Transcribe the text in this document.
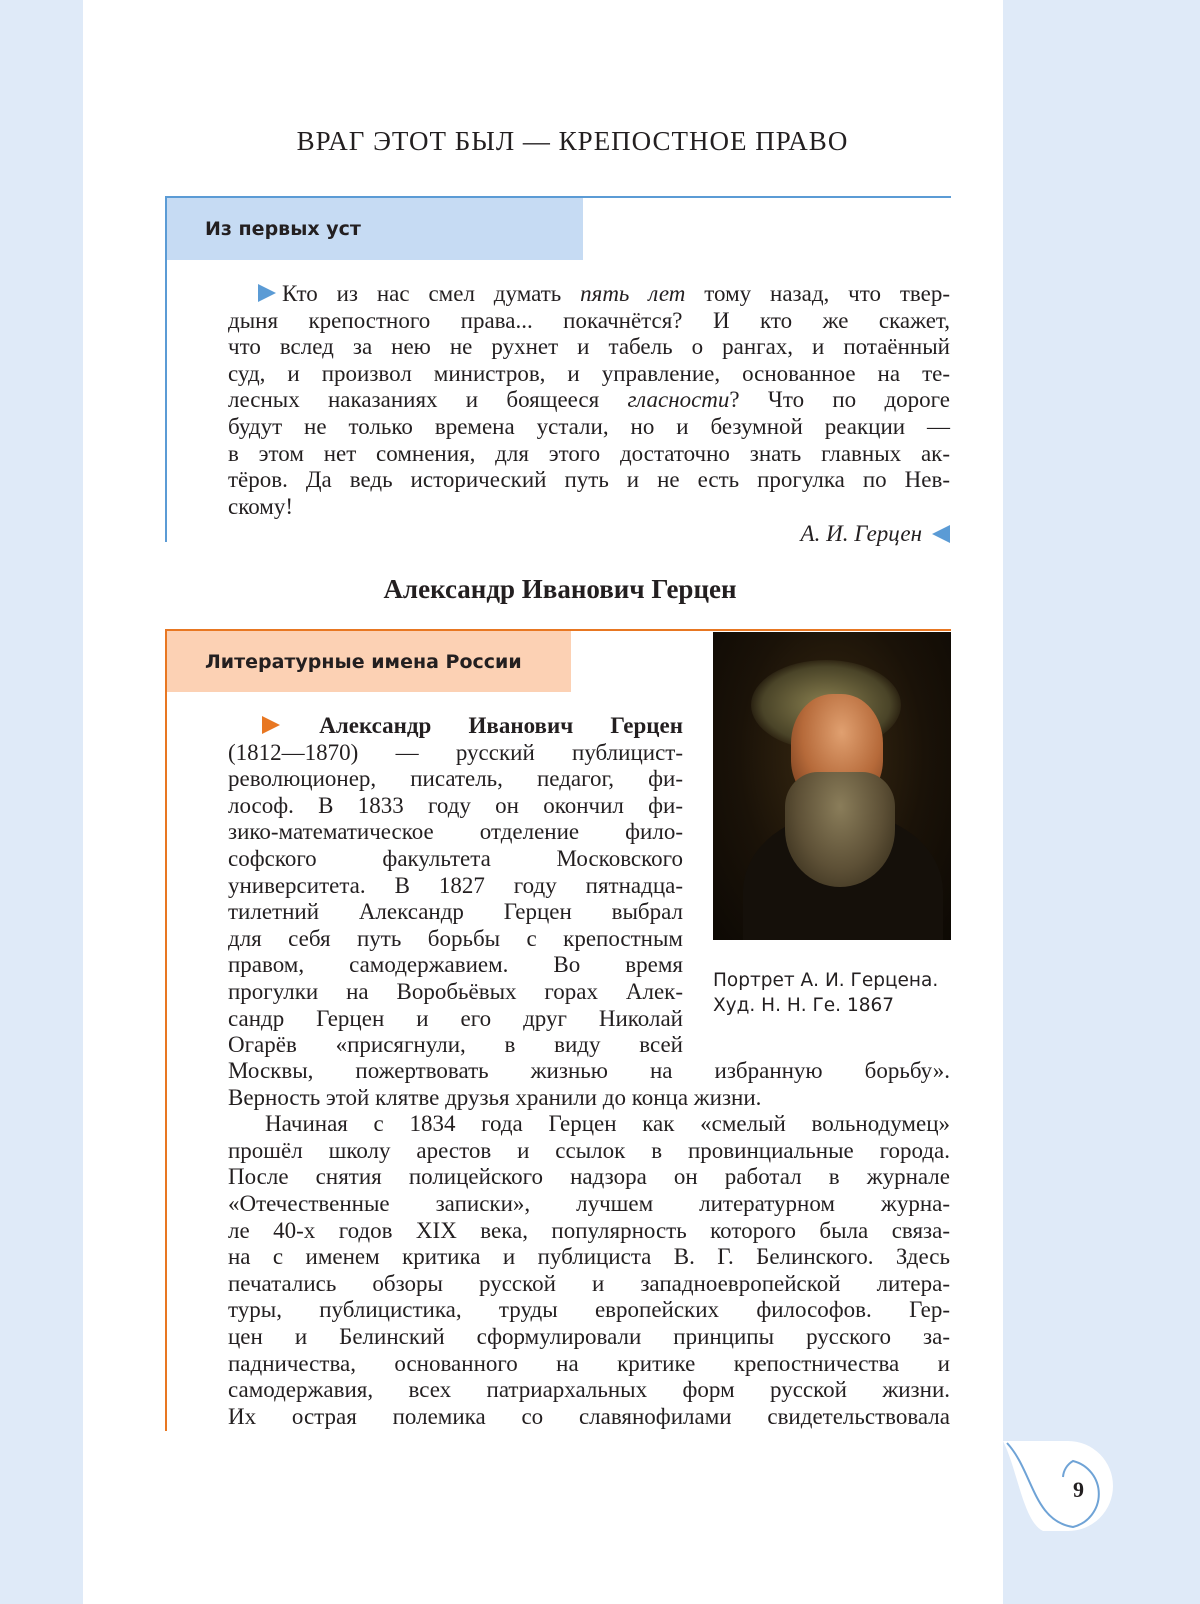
ВРАГ ЭТОТ БЫЛ — КРЕПОСТНОЕ ПРАВО
Из первых уст
Кто из нас смел думать пять лет тому назад, что твер-
дыня крепостного права... покачнётся? И кто же скажет,
что вслед за нею не рухнет и табель о рангах, и потаённый
суд, и произвол министров, и управление, основанное на те-
лесных наказаниях и боящееся гласности? Что по дороге
будут не только времена устали, но и безумной реакции —
в этом нет сомнения, для этого достаточно знать главных ак-
тёров. Да ведь исторический путь и не есть прогулка по Нев-
скому!
А. И. Герцен
Александр Иванович Герцен
Литературные имена России
Портрет А. И. Герцена.
Худ. Н. Н. Ге. 1867
Александр Иванович Герцен
(1812—1870) — русский публицист-
революционер, писатель, педагог, фи-
лософ. В 1833 году он окончил фи-
зико-математическое отделение фило-
софского факультета Московского
университета. В 1827 году пятнадца-
тилетний Александр Герцен выбрал
для себя путь борьбы с крепостным
правом, самодержавием. Во время
прогулки на Воробьёвых горах Алек-
сандр Герцен и его друг Николай
Огарёв «присягнули, в виду всей
Москвы, пожертвовать жизнью на избранную борьбу».
Верность этой клятве друзья хранили до конца жизни.
Начиная с 1834 года Герцен как «смелый вольнодумец»
прошёл школу арестов и ссылок в провинциальные города.
После снятия полицейского надзора он работал в журнале
«Отечественные записки», лучшем литературном журна-
ле 40-х годов XIX века, популярность которого была связа-
на с именем критика и публициста В. Г. Белинского. Здесь
печатались обзоры русской и западноевропейской литера-
туры, публицистика, труды европейских философов. Гер-
цен и Белинский сформулировали принципы русского за-
падничества, основанного на критике крепостничества и
самодержавия, всех патриархальных форм русской жизни.
Их острая полемика со славянофилами свидетельствовала
9
